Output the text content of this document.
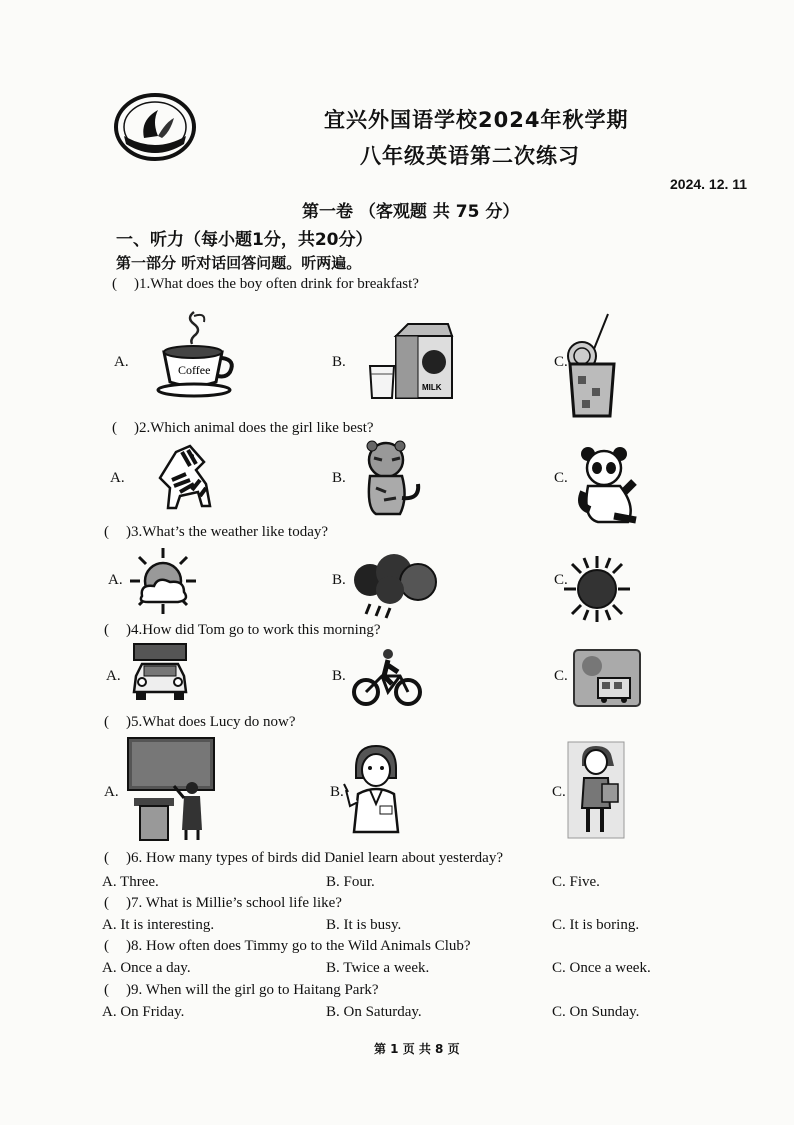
宜兴外国语学校2024年秋学期
八年级英语第二次练习
2024. 12. 11
第一卷 （客观题 共 75 分）
一、听力（每小题1分，共20分）
第一部分 听对话回答问题。听两遍。
( )1.What does the boy often drink for breakfast?
A.	Coffee	B.
MILK
C.
( )2.Which animal does the girl like best?
A.	B.	C.
( )3.What’s the weather like today?
A.	B.	C.
( )4.How did Tom go to work this morning?
A.	B.	C.
( )5.What does Lucy do now?
A.	B.	C.
( )6. How many types of birds did Daniel learn about yesterday?
A. Three.	B. Four.	C. Five.
( )7. What is Millie’s school life like?
A. It is interesting.	B. It is busy.	C. It is boring.
( )8. How often does Timmy go to the Wild Animals Club?
A. Once a day.	B. Twice a week.	C. Once a week.
( )9. When will the girl go to Haitang Park?
A. On Friday.	B. On Saturday.	C. On Sunday.
第 1 页 共 8 页
